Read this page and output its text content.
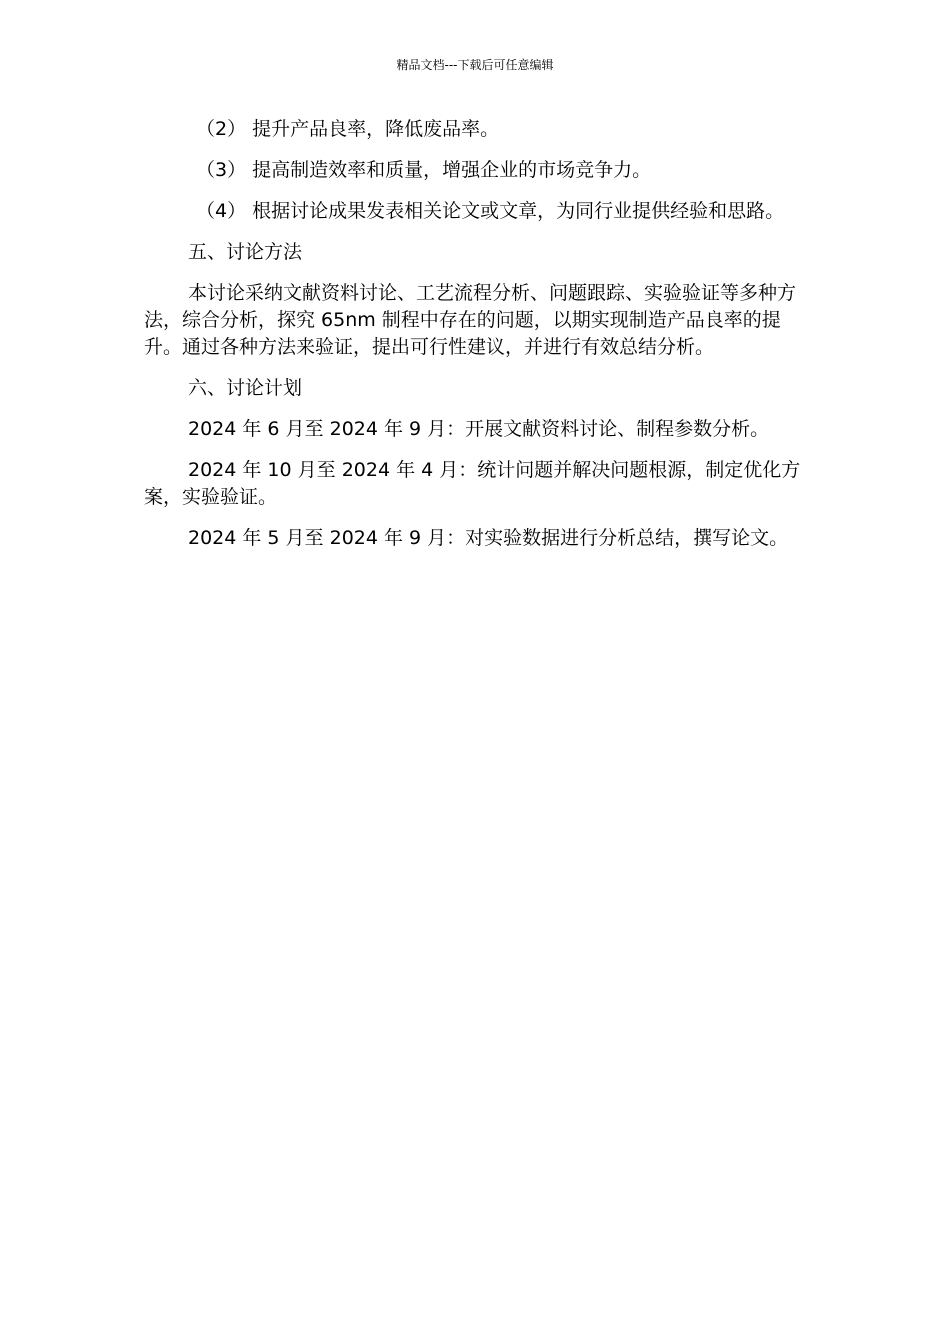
精品文档---下载后可任意编辑

（2） 提升产品良率，降低废品率。

（3） 提高制造效率和质量，增强企业的市场竞争力。

（4） 根据讨论成果发表相关论文或文章，为同行业提供经验和思路。

五、讨论方法

本讨论采纳文献资料讨论、工艺流程分析、问题跟踪、实验验证等多种方法，综合分析，探究 65nm 制程中存在的问题，以期实现制造产品良率的提升。通过各种方法来验证，提出可行性建议，并进行有效总结分析。

六、讨论计划

2024 年 6 月至 2024 年 9 月：开展文献资料讨论、制程参数分析。

2024 年 10 月至 2024 年 4 月：统计问题并解决问题根源，制定优化方案，实验验证。

2024 年 5 月至 2024 年 9 月：对实验数据进行分析总结，撰写论文。
